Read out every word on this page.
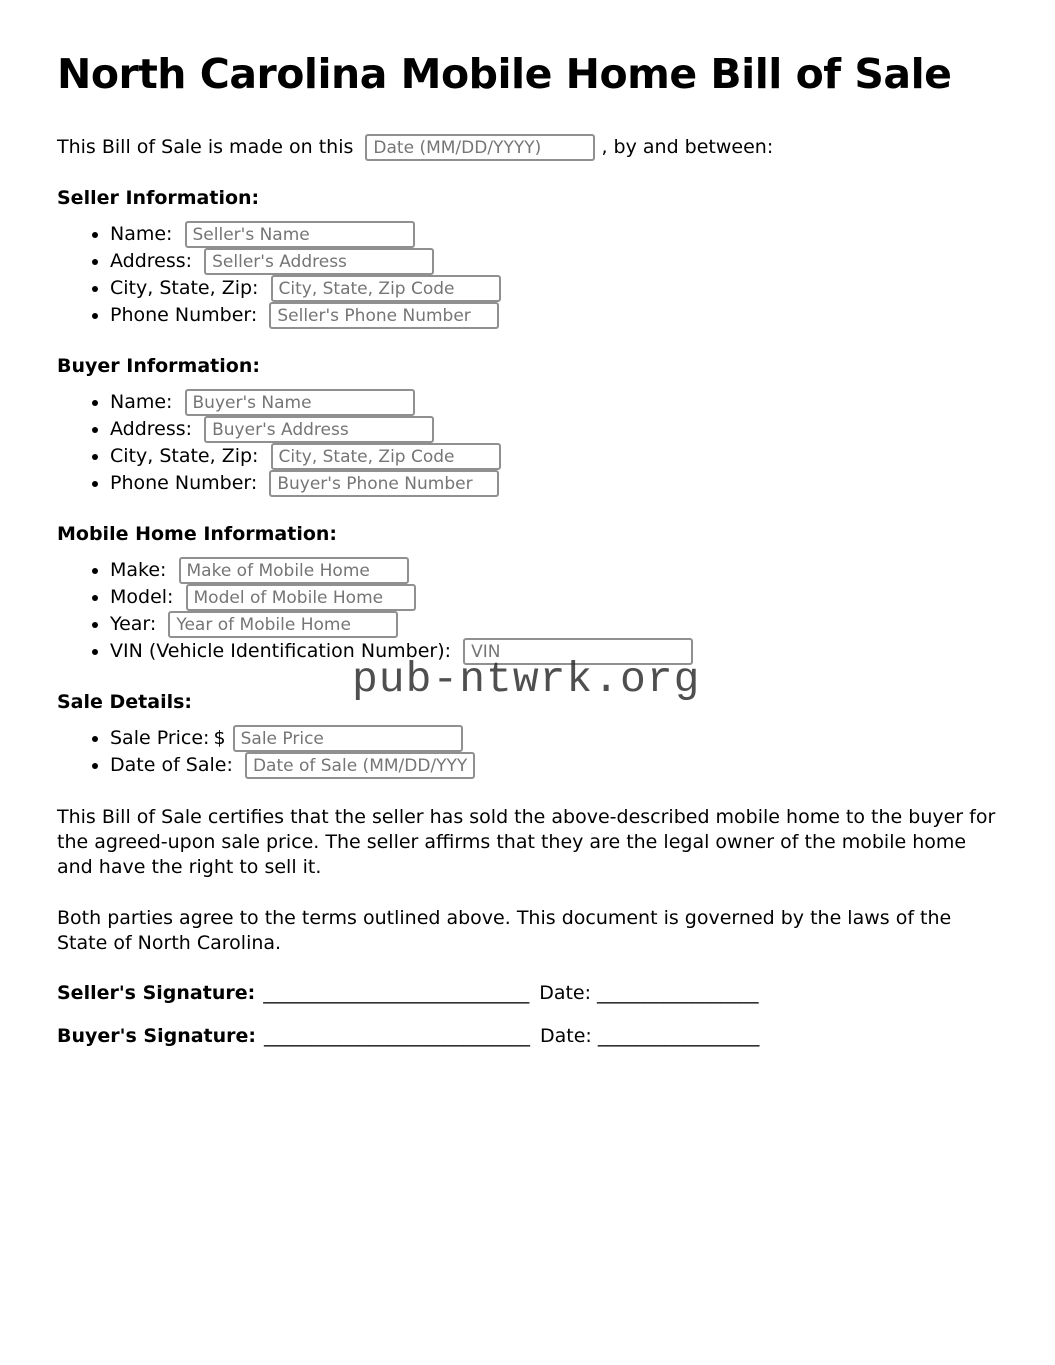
North Carolina Mobile Home Bill of Sale

This Bill of Sale is made on this Date (MM/DD/YYYY)	, by and between:

Seller Information:
• Name: Seller's Name
• Address: Seller's Address
• City, State, Zip: City, State, Zip Code
• Phone Number: Seller's Phone Number
Buyer Information:
• Name: Buyer's Name
• Address: Buyer's Address
• City, State, Zip: City, State, Zip Code
• Phone Number: Buyer's Phone Number
Mobile Home Information:
• Make: Make of Mobile Home
• Model: Model of Mobile Home
• Year: Year of Mobile Home
• VIN (Vehicle Identification Number): VIN
Sale Details:
• Sale Price: $ Sale Price
• Date of Sale: Date of Sale (MM/DD/YYYY)

This Bill of Sale certifies that the seller has sold the above-described mobile home to the buyer for the agreed-upon sale price. The seller affirms that they are the legal owner of the mobile home and have the right to sell it.

Both parties agree to the terms outlined above. This document is governed by the laws of the State of North Carolina.

Seller's Signature: ____________________________ Date: _________________

Buyer's Signature: ____________________________ Date: _________________

pub-ntwrk.org
